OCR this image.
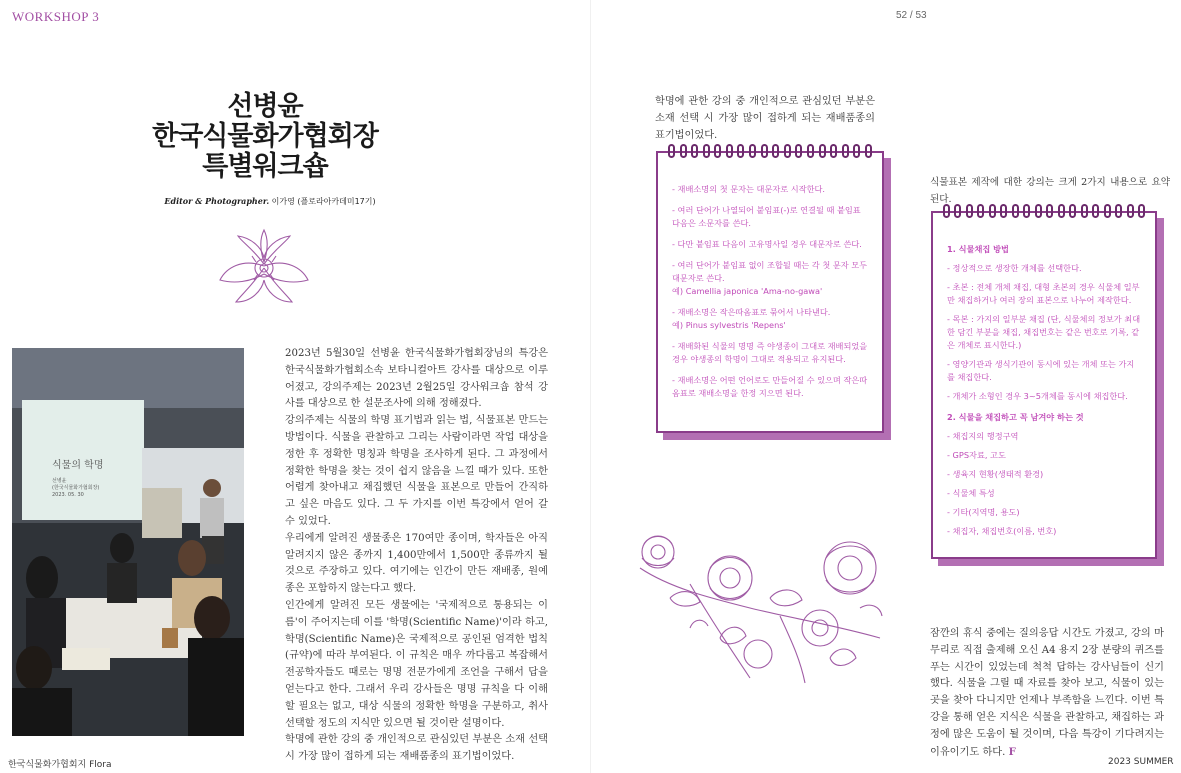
WORKSHOP 3	52 / 53
선병윤
한국식물화가협회장
특별워크숍
Editor & Photographer. 이가영 (플로라아카데미17기)
식물의 학명
선병윤
(한국식물화가협회장)
2023. 05. 30

2023년 5월30일 선병윤 한국식물화가협회장님의 특강은 한국식물화가협회소속 보타니컬아트 강사를 대상으로 이루어졌고, 강의주제는 2023년 2월25일 강사워크숍 참석 강사를 대상으로 한 설문조사에 의해 정해졌다.

강의주제는 식물의 학명 표기법과 읽는 법, 식물표본 만드는 방법이다. 식물을 관찰하고 그리는 사람이라면 작업 대상을 정한 후 정확한 명칭과 학명을 조사하게 된다. 그 과정에서 정확한 학명을 찾는 것이 쉽지 않음을 느낄 때가 있다. 또한 어렵게 찾아내고 채집했던 식물을 표본으로 만들어 간직하고 싶은 마음도 있다. 그 두 가지를 이번 특강에서 얻어 갈 수 있었다.

우리에게 알려진 생물종은 170여만 종이며, 학자들은 아직 알려지지 않은 종까지 1,400만에서 1,500만 종류까지 될 것으로 주장하고 있다. 여기에는 인간이 만든 재배종, 원예종은 포함하지 않는다고 했다.

인간에게 알려진 모든 생물에는 '국제적으로 통용되는 이름'이 주어지는데 이를 '학명(Scientific Name)'이라 하고, 학명(Scientific Name)은 국제적으로 공인된 엄격한 법칙(규약)에 따라 부여된다. 이 규칙은 매우 까다롭고 복잡해서 전공학자들도 때로는 명명 전문가에게 조언을 구해서 답을 얻는다고 한다. 그래서 우리 강사들은 명명 규칙을 다 이해할 필요는 없고, 대상 식물의 정확한 학명을 구분하고, 취사 선택할 정도의 지식만 있으면 될 것이란 설명이다.

학명에 관한 강의 중 개인적으로 관심있던 부분은 소재 선택 시 가장 많이 접하게 되는 재배품종의 표기법이었다.

학명에 관한 강의 중 개인적으로 관심있던 부분은 소재 선택 시 가장 많이 접하게 되는 재배품종의 표기법이었다.
- 재배소명의 첫 문자는 대문자로 시작한다.
- 여러 단어가 나열되어 붙임표(-)로 연결될 때 붙임표 다음은 소문자를 쓴다.
- 다만 붙임표 다음이 고유명사일 경우 대문자로 쓴다.
- 여러 단어가 붙임표 없이 조합될 때는 각 첫 문자 모두 대문자로 쓴다.
예) Camellia japonica 'Ama-no-gawa'
- 재배소명은 작은따옴표로 묶어서 나타낸다.
예) Pinus sylvestris 'Repens'
- 재배화된 식물의 명명 즉 야생종이 그대로 재배되었을 경우 야생종의 학명이 그대로 적용되고 유지된다.
- 재배소명은 어떤 언어로도 만들어질 수 있으며 작은따옴표로 재배소명을 한정 지으면 된다.
식물표본 제작에 대한 강의는 크게 2가지 내용으로 요약된다.
1. 식물채집 방법
- 정상적으로 생장한 개체를 선택한다.
- 초본 : 전체 개체 채집, 대형 초본의 경우 식물체 일부만 채집하거나 여러 장의 표본으로 나누어 제작한다.
- 목본 : 가지의 일부분 채집 (단, 식물체의 정보가 최대한 담긴 부분을 채집, 채집번호는 같은 번호로 기록, 같은 개체로 표시한다.)
- 영양기관과 생식기관이 동시에 있는 개체 또는 가지를 채집한다.
- 개체가 소형인 경우 3~5개체를 동시에 채집한다.
2. 식물을 채집하고 꼭 남겨야 하는 것
- 채집지의 행정구역
- GPS자료, 고도
- 생육지 현황(생태적 환경)
- 식물체 특성
- 기타(지역명, 용도)
- 채집자, 채집번호(이름, 번호)
잠깐의 휴식 중에는 질의응답 시간도 가졌고, 강의 마무리로 직접 출제해 오신 A4 용지 2장 분량의 퀴즈를 푸는 시간이 있었는데 척척 답하는 강사님들이 신기했다. 식물을 그릴 때 자료를 찾아 보고, 식물이 있는 곳을 찾아 다니지만 언제나 부족함을 느낀다. 이번 특강을 통해 얻은 지식은 식물을 관찰하고, 채집하는 과정에 많은 도움이 될 것이며, 다음 특강이 기다려지는 이유이기도 하다. F
한국식물화가협회지 Flora	2023 SUMMER
